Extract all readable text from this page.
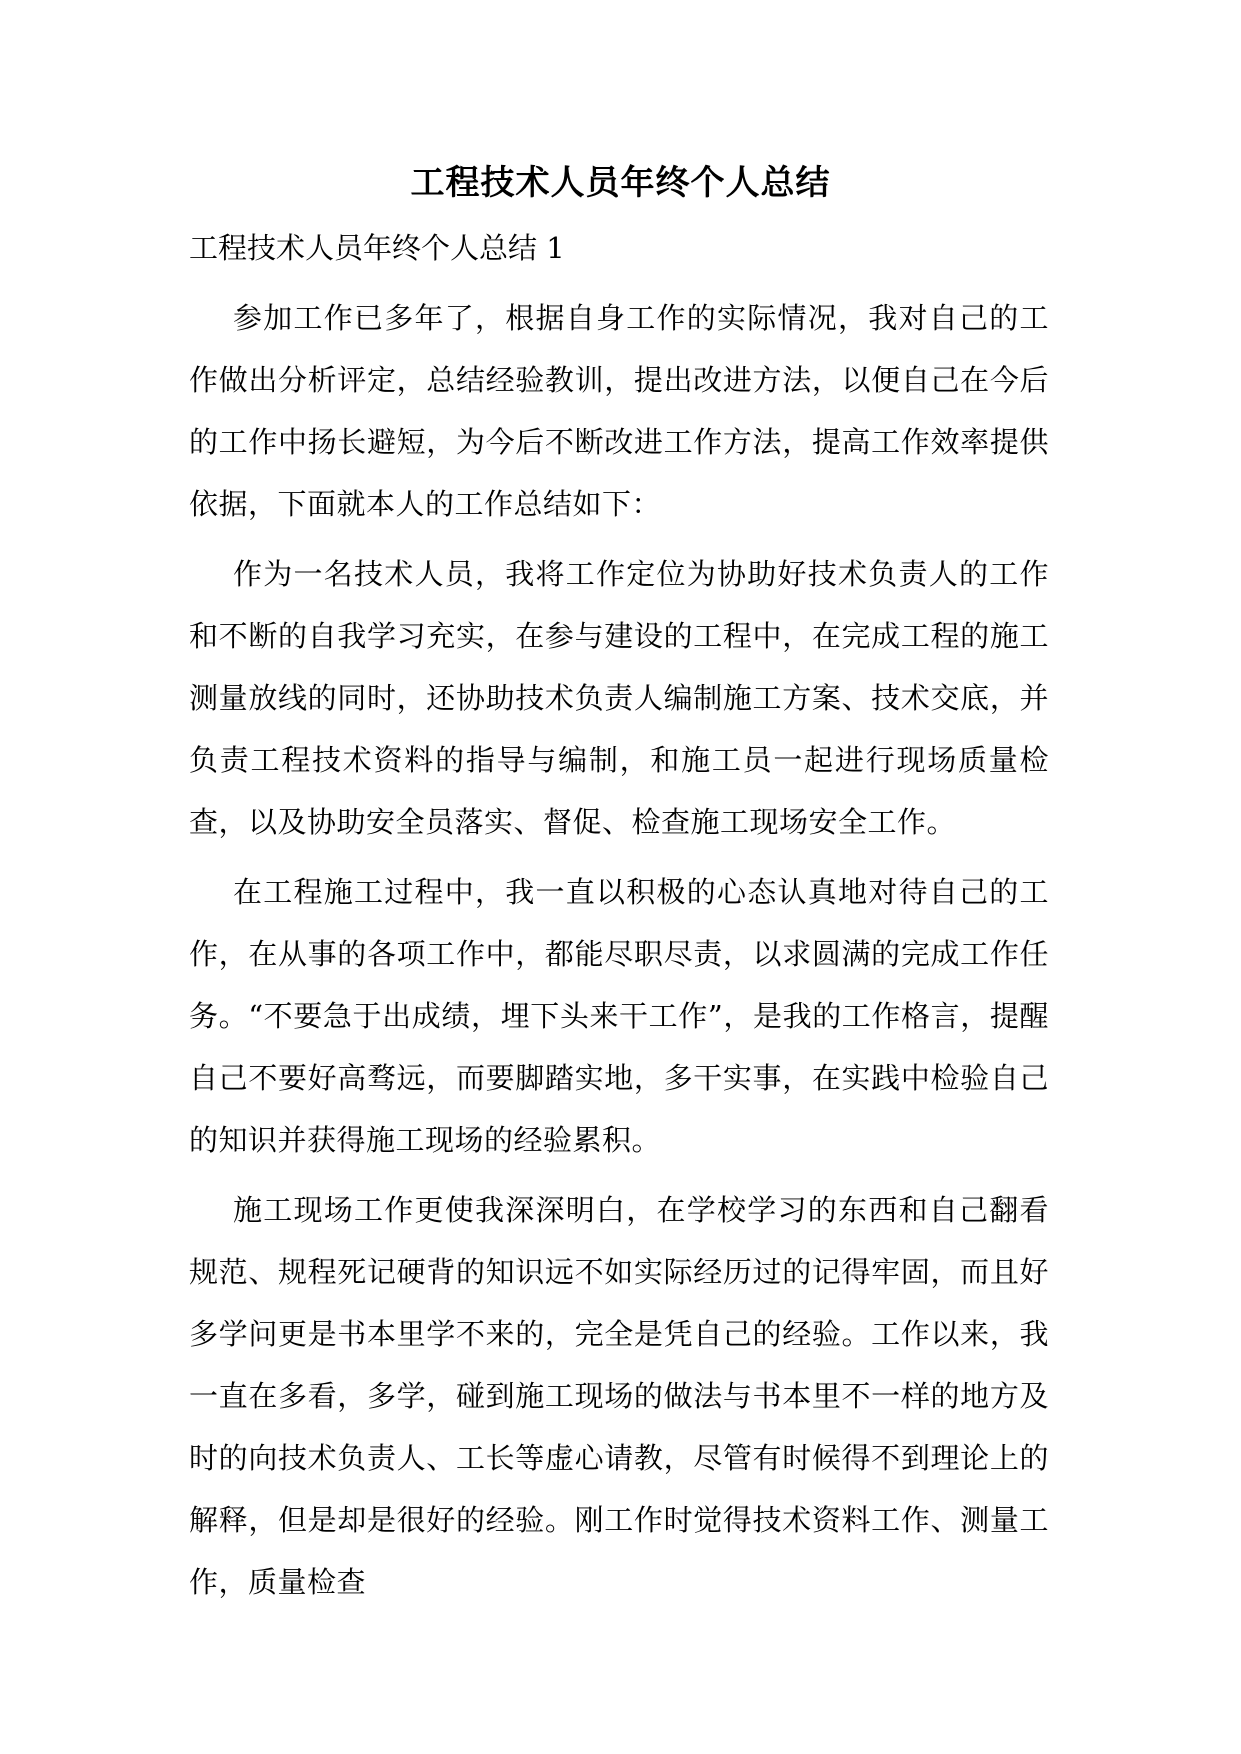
工程技术人员年终个人总结

工程技术人员年终个人总结 1

参加工作已多年了，根据自身工作的实际情况，我对自己的工作做出分析评定，总结经验教训，提出改进方法，以便自己在今后的工作中扬长避短，为今后不断改进工作方法，提高工作效率提供依据，下面就本人的工作总结如下：

作为一名技术人员，我将工作定位为协助好技术负责人的工作和不断的自我学习充实，在参与建设的工程中，在完成工程的施工测量放线的同时，还协助技术负责人编制施工方案、技术交底，并负责工程技术资料的指导与编制，和施工员一起进行现场质量检查，以及协助安全员落实、督促、检查施工现场安全工作。

在工程施工过程中，我一直以积极的心态认真地对待自己的工作，在从事的各项工作中，都能尽职尽责，以求圆满的完成工作任务。“不要急于出成绩，埋下头来干工作”，是我的工作格言，提醒自己不要好高骛远，而要脚踏实地，多干实事，在实践中检验自己的知识并获得施工现场的经验累积。

施工现场工作更使我深深明白，在学校学习的东西和自己翻看规范、规程死记硬背的知识远不如实际经历过的记得牢固，而且好多学问更是书本里学不来的，完全是凭自己的经验。工作以来，我一直在多看，多学，碰到施工现场的做法与书本里不一样的地方及时的向技术负责人、工长等虚心请教，尽管有时候得不到理论上的解释，但是却是很好的经验。刚工作时觉得技术资料工作、测量工作，质量检查
